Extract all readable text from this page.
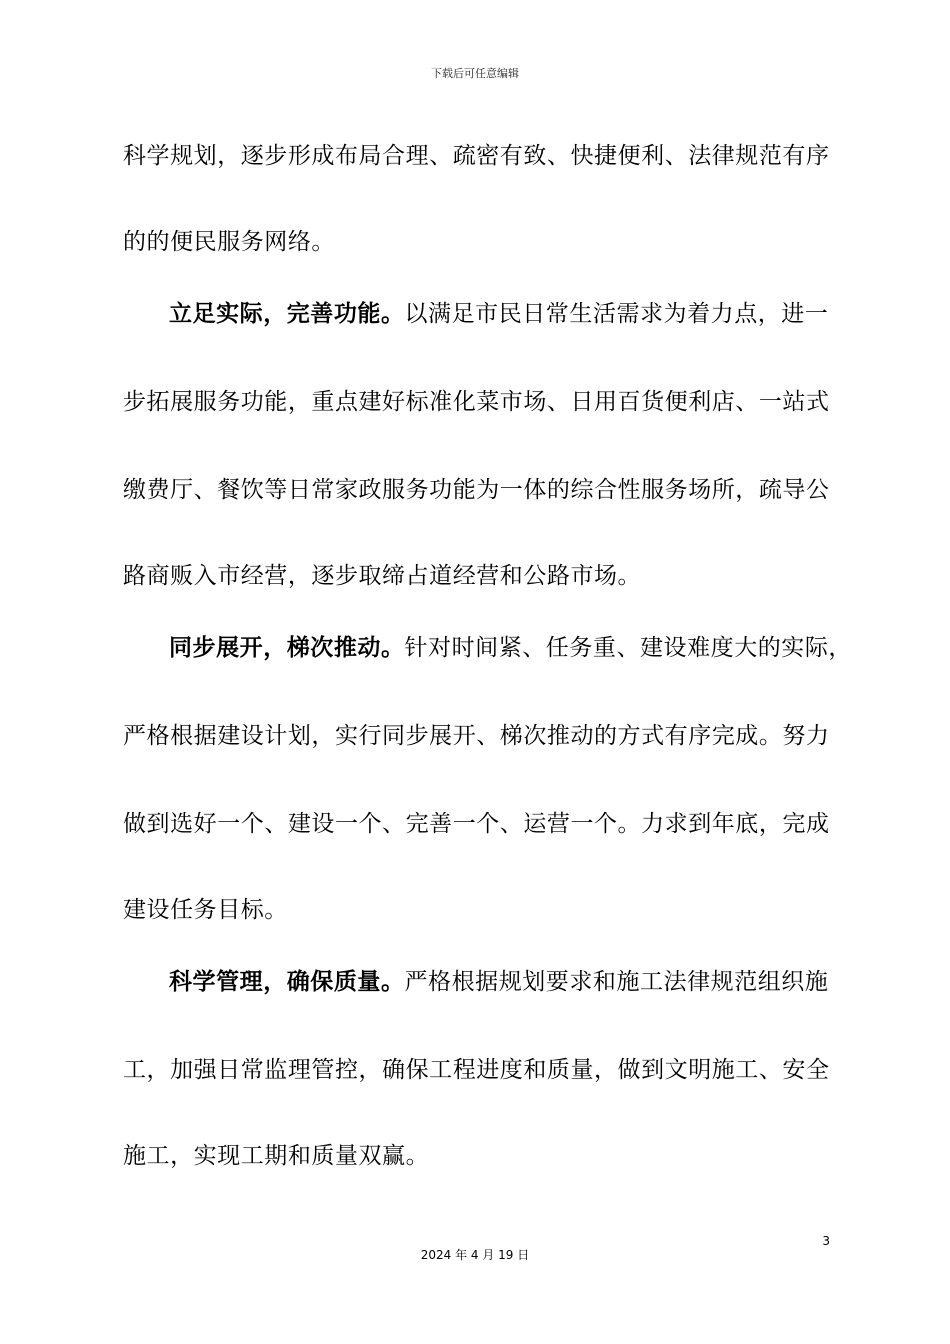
下载后可任意编辑
科学规划，逐步形成布局合理、疏密有致、快捷便利、法律规范有序
的的便民服务网络。
立足实际，完善功能。以满足市民日常生活需求为着力点，进一
步拓展服务功能，重点建好标准化菜市场、日用百货便利店、一站式
缴费厅、餐饮等日常家政服务功能为一体的综合性服务场所，疏导公
路商贩入市经营，逐步取缔占道经营和公路市场。
同步展开，梯次推动。针对时间紧、任务重、建设难度大的实际，
严格根据建设计划，实行同步展开、梯次推动的方式有序完成。努力
做到选好一个、建设一个、完善一个、运营一个。力求到年底，完成
建设任务目标。
科学管理，确保质量。严格根据规划要求和施工法律规范组织施
工，加强日常监理管控，确保工程进度和质量，做到文明施工、安全
施工，实现工期和质量双赢。
3
2024 年 4 月 19 日
